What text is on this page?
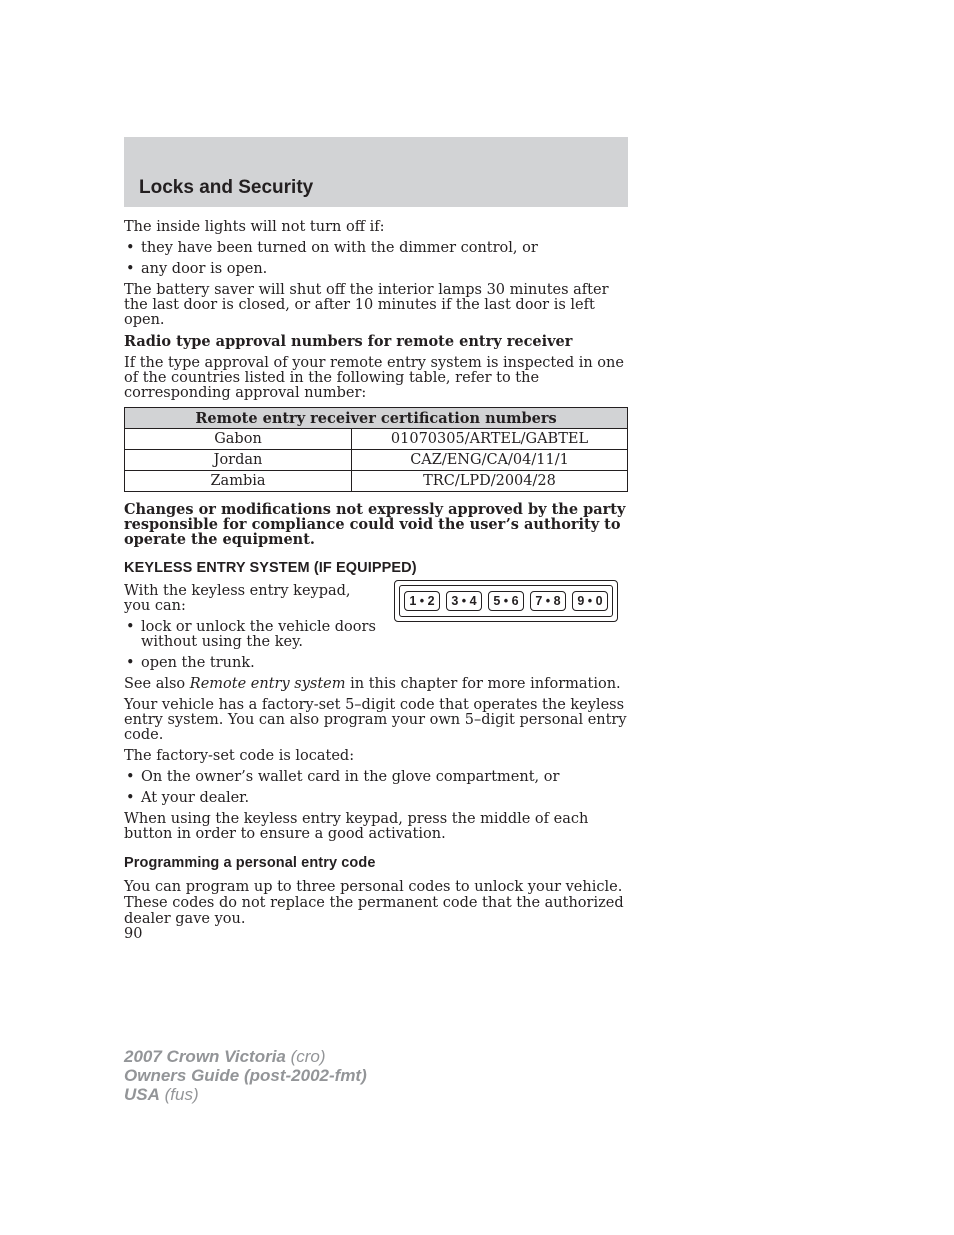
Locks and Security

The inside lights will not turn off if:

• they have been turned on with the dimmer control, or
• any door is open.

The battery saver will shut off the interior lamps 30 minutes after the last door is closed, or after 10 minutes if the last door is left open.

Radio type approval numbers for remote entry receiver

If the type approval of your remote entry system is inspected in one of the countries listed in the following table, refer to the corresponding approval number:

Remote entry receiver certification numbers	
Gabon	01070305/ARTEL/GABTEL
Jordan	CAZ/ENG/CA/04/11/1
Zambia	TRC/LPD/2004/28

Changes or modifications not expressly approved by the party responsible for compliance could void the user’s authority to operate the equipment.

KEYLESS ENTRY SYSTEM (IF EQUIPPED)
1 • 2	3 • 4	5 • 6	7 • 8	9 • 0

With the keyless entry keypad, you can:

• lock or unlock the vehicle doors without using the key.
• open the trunk.

See also Remote entry system in this chapter for more information.

Your vehicle has a factory-set 5–digit code that operates the keyless entry system. You can also program your own 5–digit personal entry code.

The factory-set code is located:

• On the owner’s wallet card in the glove compartment, or
• At your dealer.

When using the keyless entry keypad, press the middle of each button in order to ensure a good activation.

Programming a personal entry code

You can program up to three personal codes to unlock your vehicle. These codes do not replace the permanent code that the authorized dealer gave you.

90
2007 Crown Victoria (cro)
Owners Guide (post-2002-fmt)
USA (fus)
